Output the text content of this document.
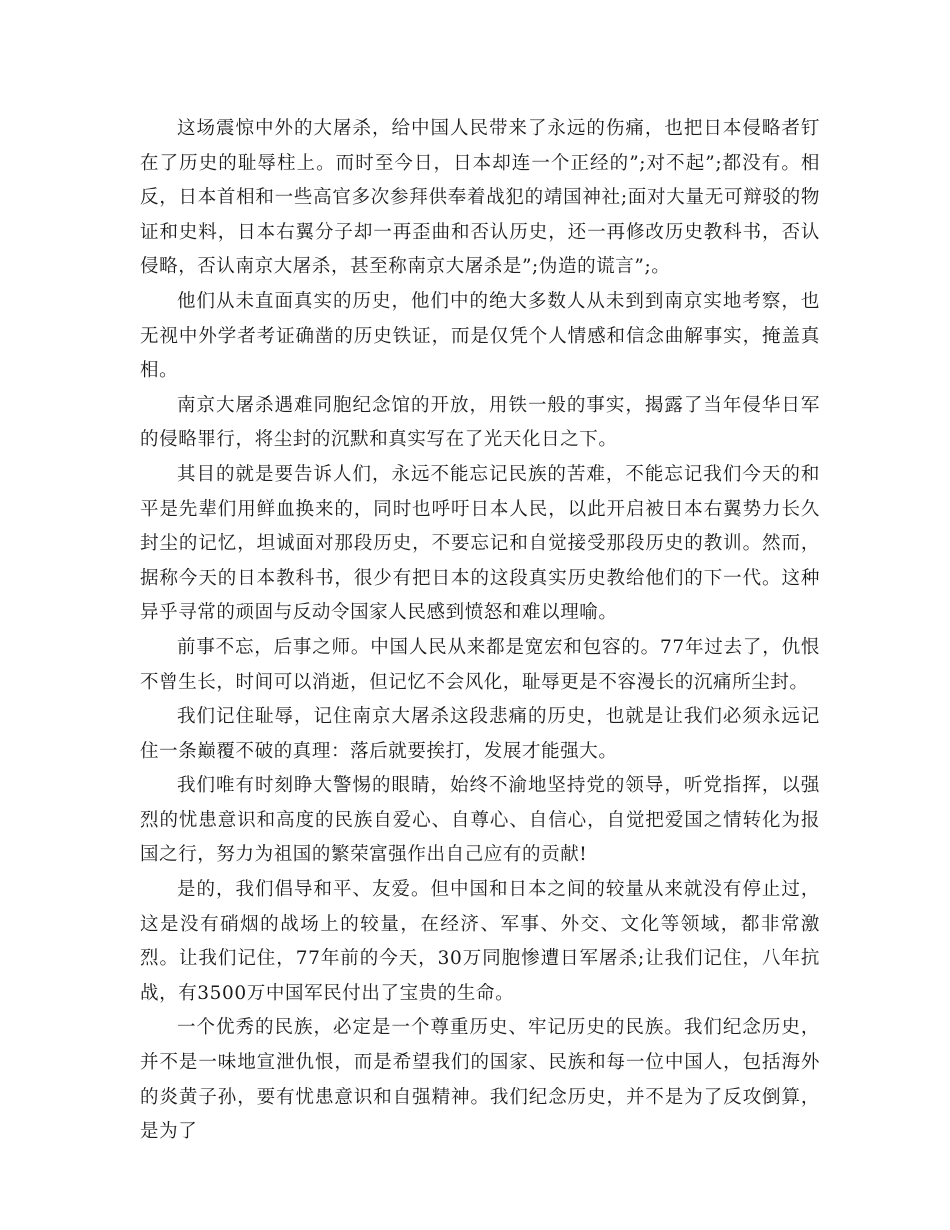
这场震惊中外的大屠杀，给中国人民带来了永远的伤痛，也把日本侵略者钉在了历史的耻辱柱上。而时至今日，日本却连一个正经的”;对不起”;都没有。相反，日本首相和一些高官多次参拜供奉着战犯的靖国神社;面对大量无可辩驳的物证和史料，日本右翼分子却一再歪曲和否认历史，还一再修改历史教科书，否认侵略，否认南京大屠杀，甚至称南京大屠杀是”;伪造的谎言”;。

他们从未直面真实的历史，他们中的绝大多数人从未到到南京实地考察，也无视中外学者考证确凿的历史铁证，而是仅凭个人情感和信念曲解事实，掩盖真相。

南京大屠杀遇难同胞纪念馆的开放，用铁一般的事实，揭露了当年侵华日军的侵略罪行，将尘封的沉默和真实写在了光天化日之下。

其目的就是要告诉人们，永远不能忘记民族的苦难，不能忘记我们今天的和平是先辈们用鲜血换来的，同时也呼吁日本人民，以此开启被日本右翼势力长久封尘的记忆，坦诚面对那段历史，不要忘记和自觉接受那段历史的教训。然而，据称今天的日本教科书，很少有把日本的这段真实历史教给他们的下一代。这种异乎寻常的顽固与反动令国家人民感到愤怒和难以理喻。

前事不忘，后事之师。中国人民从来都是宽宏和包容的。77年过去了，仇恨不曾生长，时间可以消逝，但记忆不会风化，耻辱更是不容漫长的沉痛所尘封。

我们记住耻辱，记住南京大屠杀这段悲痛的历史，也就是让我们必须永远记住一条巅覆不破的真理：落后就要挨打，发展才能强大。

我们唯有时刻睁大警惕的眼睛，始终不渝地坚持党的领导，听党指挥，以强烈的忧患意识和高度的民族自爱心、自尊心、自信心，自觉把爱国之情转化为报国之行，努力为祖国的繁荣富强作出自己应有的贡献!

是的，我们倡导和平、友爱。但中国和日本之间的较量从来就没有停止过，这是没有硝烟的战场上的较量，在经济、军事、外交、文化等领域，都非常激烈。让我们记住，77年前的今天，30万同胞惨遭日军屠杀;让我们记住，八年抗战，有3500万中国军民付出了宝贵的生命。

一个优秀的民族，必定是一个尊重历史、牢记历史的民族。我们纪念历史，并不是一味地宣泄仇恨，而是希望我们的国家、民族和每一位中国人，包括海外的炎黄子孙，要有忧患意识和自强精神。我们纪念历史，并不是为了反攻倒算，是为了
